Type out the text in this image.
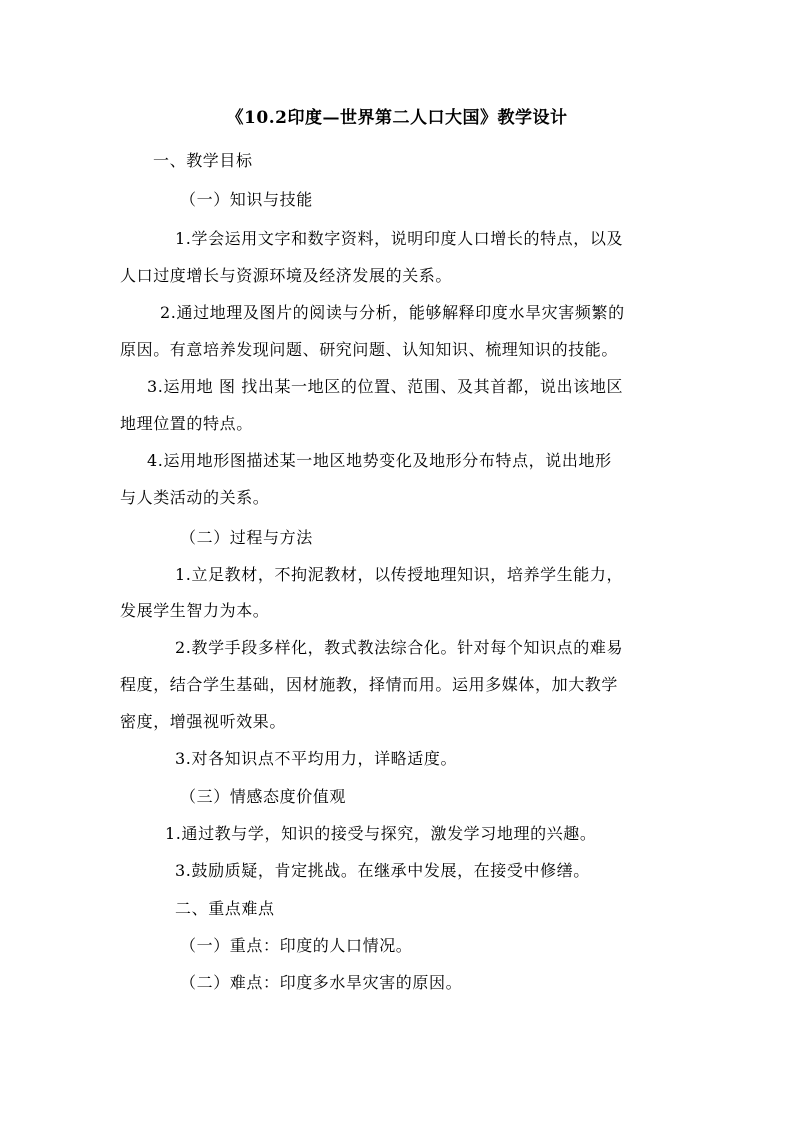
《10.2印度—世界第二人口大国》教学设计
一、教学目标
（一）知识与技能
1.学会运用文字和数字资料，说明印度人口增长的特点，以及
人口过度增长与资源环境及经济发展的关系。
2.通过地理及图片的阅读与分析，能够解释印度水旱灾害频繁的
原因。有意培养发现问题、研究问题、认知知识、梳理知识的技能。
3.运用地 图 找出某一地区的位置、范围、及其首都，说出该地区
地理位置的特点。
4.运用地形图描述某一地区地势变化及地形分布特点，说出地形
与人类活动的关系。
（二）过程与方法
1.立足教材，不拘泥教材，以传授地理知识，培养学生能力，
发展学生智力为本。
2.教学手段多样化，教式教法综合化。针对每个知识点的难易
程度，结合学生基础，因材施教，择情而用。运用多媒体，加大教学
密度，增强视听效果。
3.对各知识点不平均用力，详略适度。
（三）情感态度价值观
1.通过教与学，知识的接受与探究，激发学习地理的兴趣。
3.鼓励质疑，肯定挑战。在继承中发展，在接受中修缮。
二、重点难点
（一）重点：印度的人口情况。
（二）难点：印度多水旱灾害的原因。
